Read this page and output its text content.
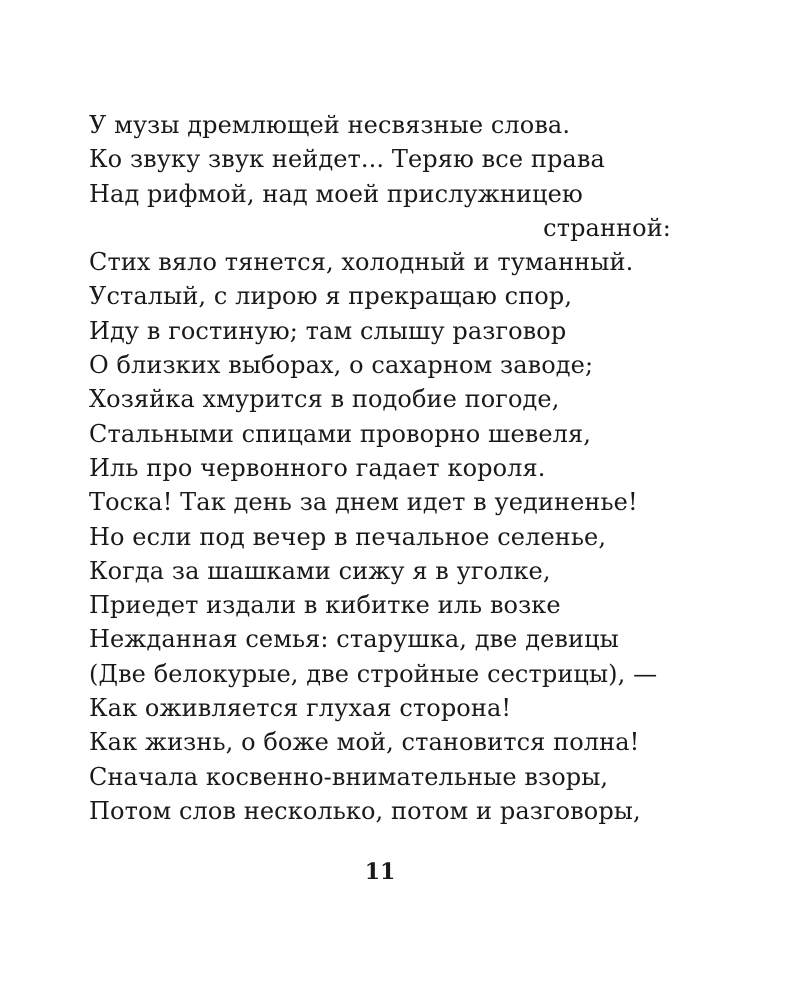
У музы дремлющей несвязные слова.
Ко звуку звук нейдет... Теряю все права
Над рифмой, над моей прислужницею
странной:
Стих вяло тянется, холодный и туманный.
Усталый, с лирою я прекращаю спор,
Иду в гостиную; там слышу разговор
О близких выборах, о сахарном заводе;
Хозяйка хмурится в подобие погоде,
Стальными спицами проворно шевеля,
Иль про червонного гадает короля.
Тоска! Так день за днем идет в уединенье!
Но если под вечер в печальное селенье,
Когда за шашками сижу я в уголке,
Приедет издали в кибитке иль возке
Нежданная семья: старушка, две девицы
(Две белокурые, две стройные сестрицы), —
Как оживляется глухая сторона!
Как жизнь, о боже мой, становится полна!
Сначала косвенно-внимательные взоры,
Потом слов несколько, потом и разговоры,
11
